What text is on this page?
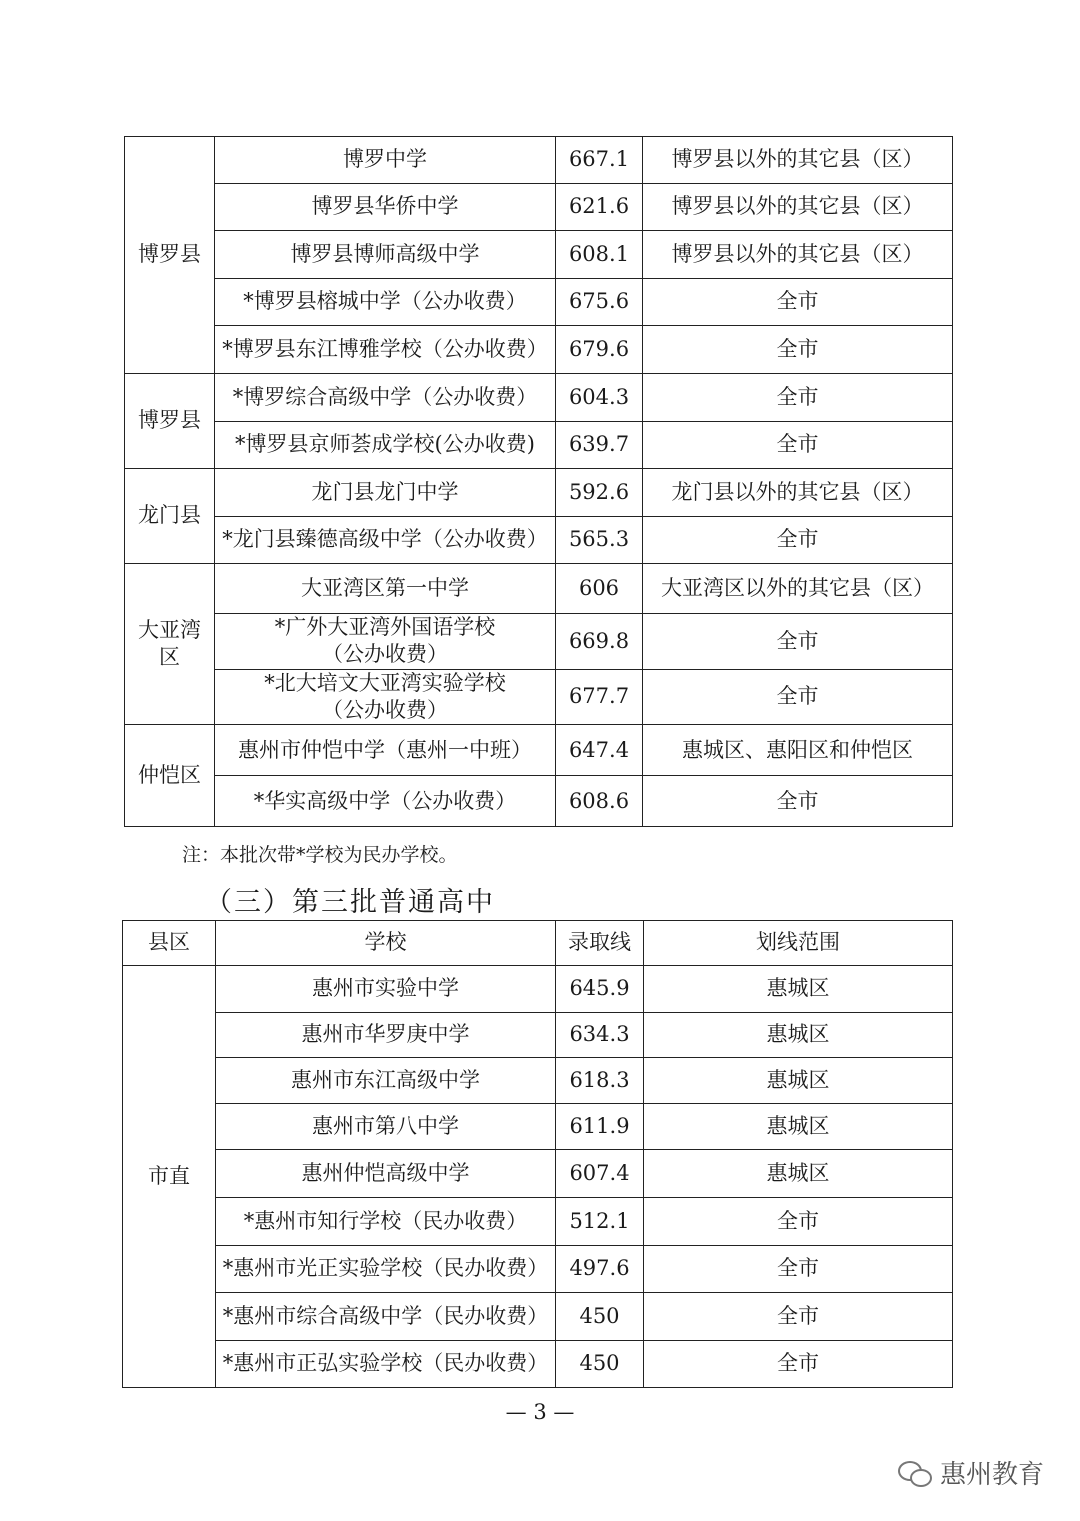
博罗县	博罗中学	667.1	博罗县以外的其它县（区）
	博罗县华侨中学	621.6	博罗县以外的其它县（区）
	博罗县博师高级中学	608.1	博罗县以外的其它县（区）
	*博罗县榕城中学（公办收费）	675.6	全市
	*博罗县东江博雅学校（公办收费）	679.6	全市
博罗县	*博罗综合高级中学（公办收费）	604.3	全市
	*博罗县京师荟成学校(公办收费)	639.7	全市
龙门县	龙门县龙门中学	592.6	龙门县以外的其它县（区）
	*龙门县臻德高级中学（公办收费）	565.3	全市
大亚湾区	大亚湾区第一中学	606	大亚湾区以外的其它县（区）
	*广外大亚湾外国语学校（公办收费）	669.8	全市
	*北大培文大亚湾实验学校（公办收费）	677.7	全市
仲恺区	惠州市仲恺中学（惠州一中班）	647.4	惠城区、惠阳区和仲恺区
	*华实高级中学（公办收费）	608.6	全市
注：本批次带*学校为民办学校。
（三）第三批普通高中
县区	学校	录取线	划线范围
市直	惠州市实验中学	645.9	惠城区
	惠州市华罗庚中学	634.3	惠城区
	惠州市东江高级中学	618.3	惠城区
	惠州市第八中学	611.9	惠城区
	惠州仲恺高级中学	607.4	惠城区
	*惠州市知行学校（民办收费）	512.1	全市
	*惠州市光正实验学校（民办收费）	497.6	全市
	*惠州市综合高级中学（民办收费）	450	全市
	*惠州市正弘实验学校（民办收费）	450	全市
— 3 —
惠州教育
